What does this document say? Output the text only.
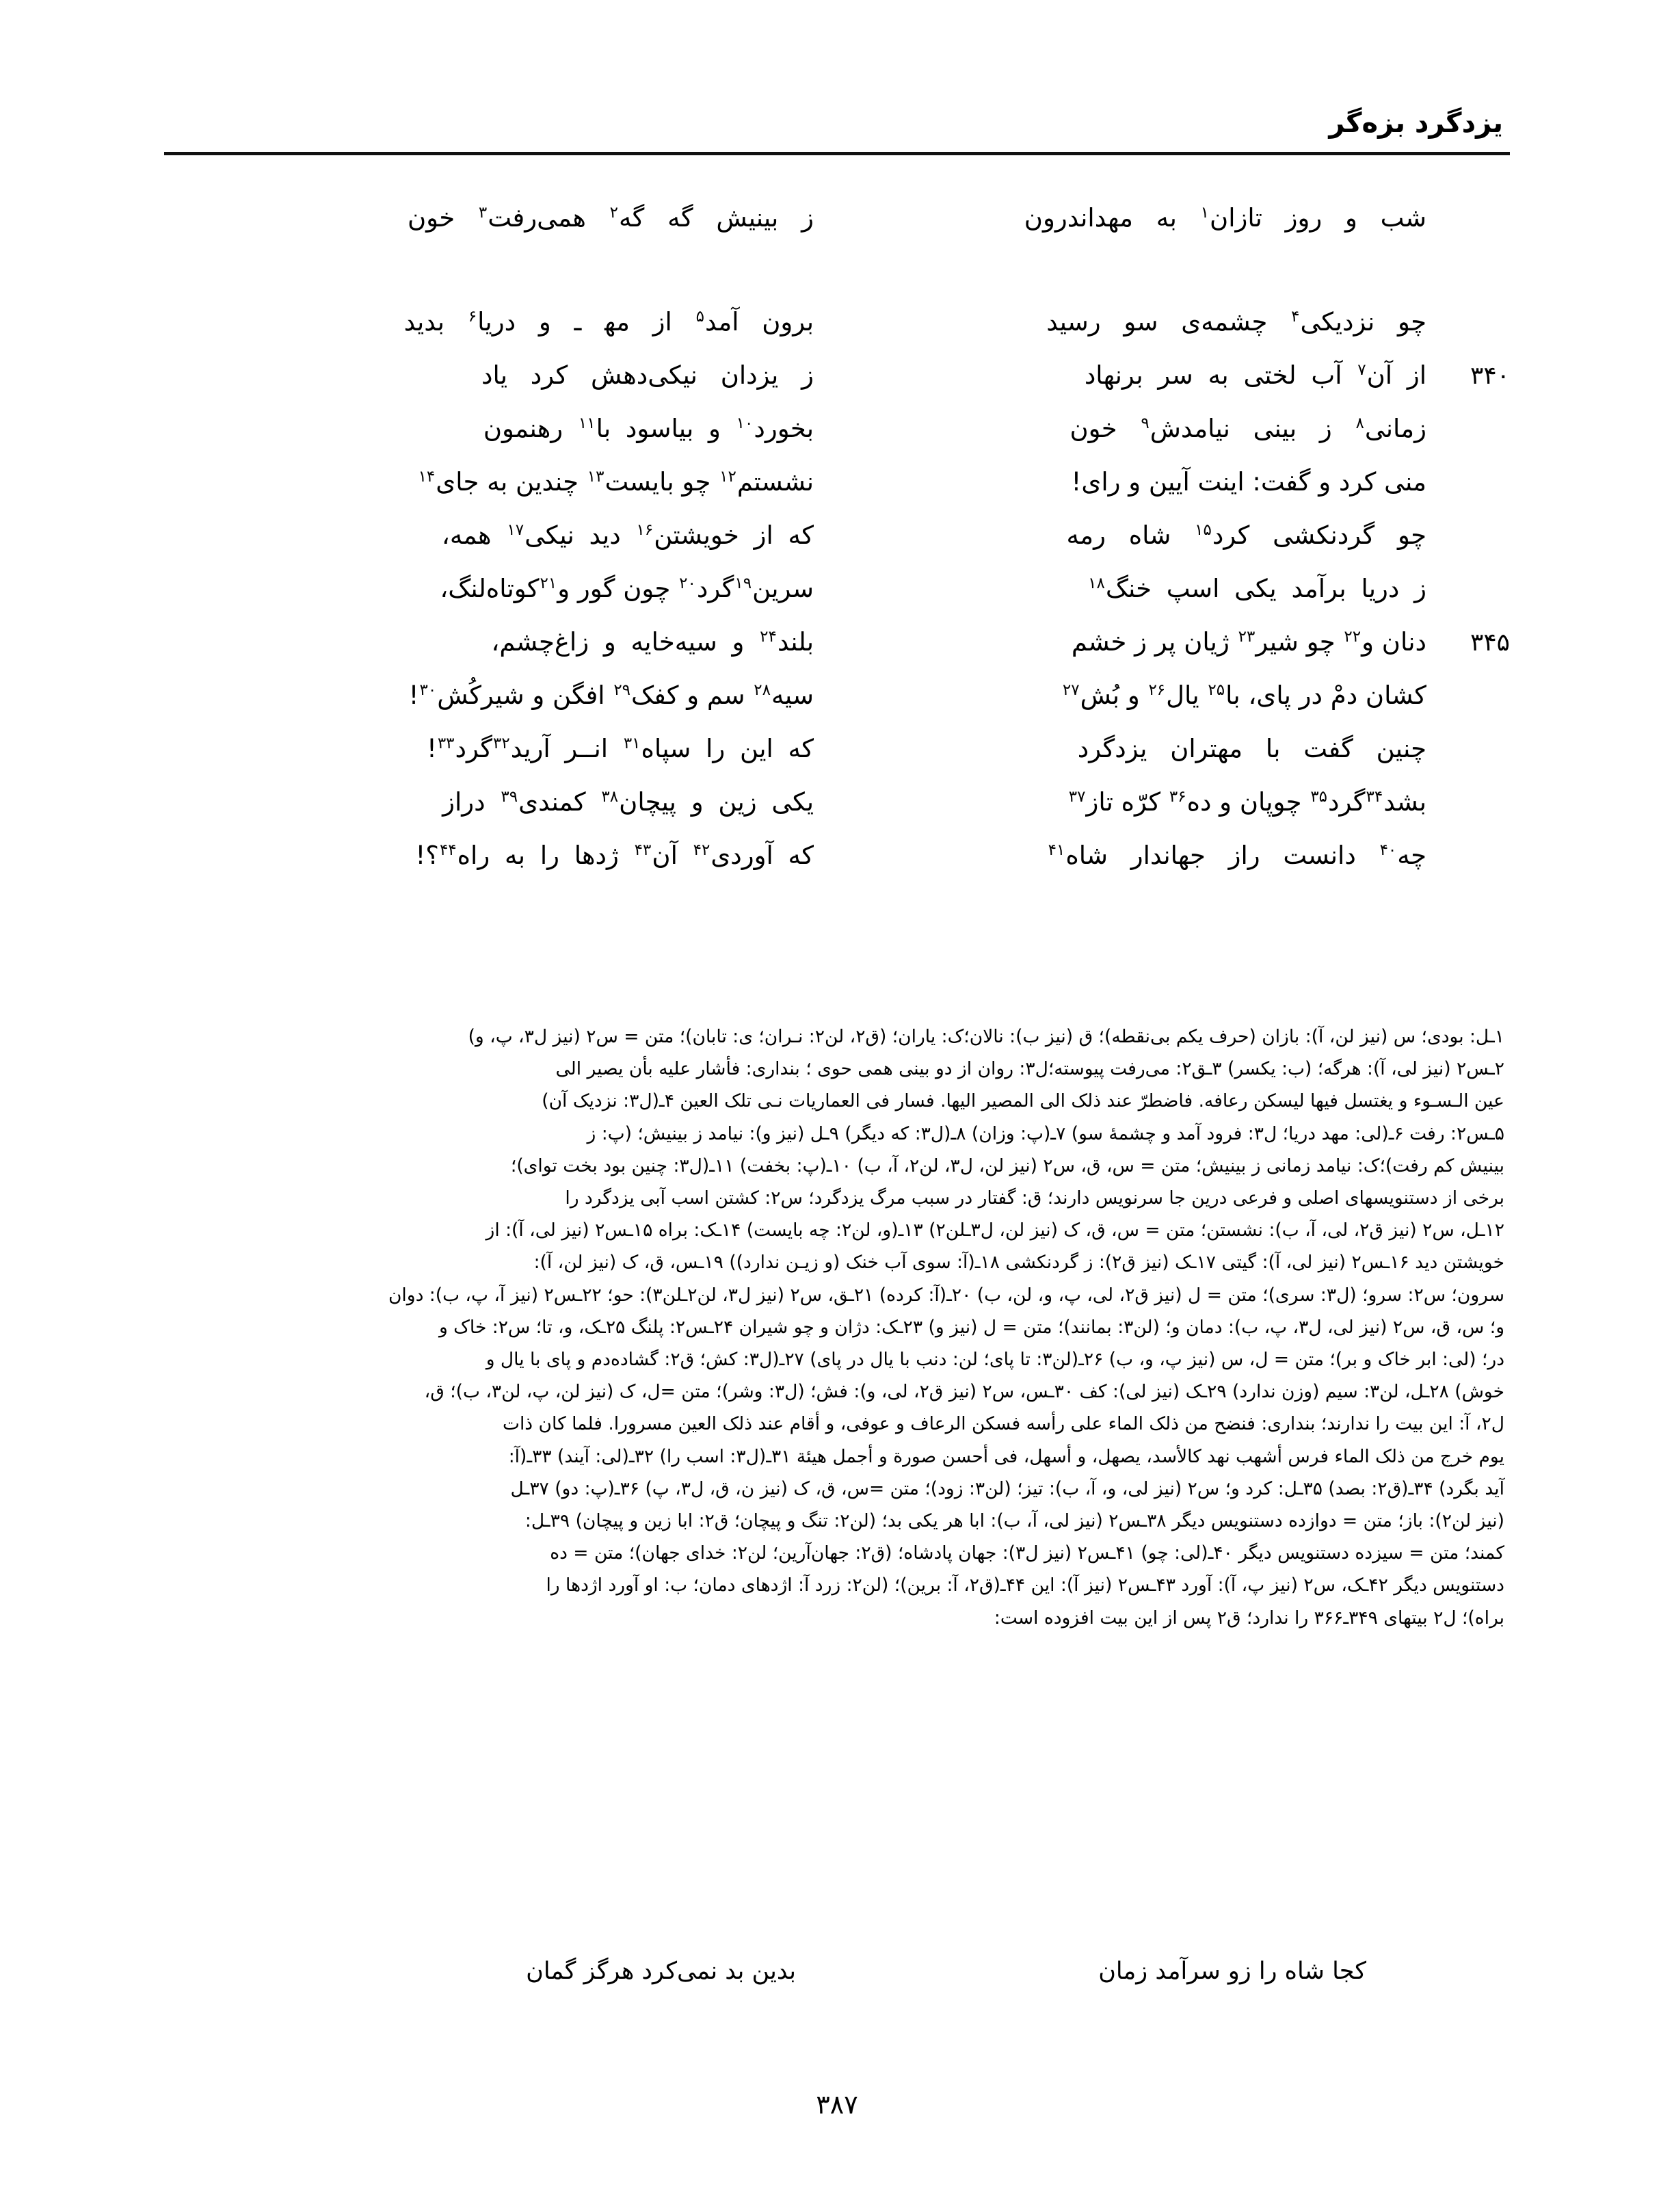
یزدگرد بزه‌گر
شب و روز تازان$^۱$ به مهداندرون
ز بینیش گه گه$^۲$ همی‌رفت$^۳$ خون
چو نزدیکی$^۴$ چشمه‌ی سو رسید
برون آمد$^۵$ از مه‍ ـ و دریا$^۶$ بدید
۳۴۰
از آن$^۷$ آب لختی به سر برنهاد
ز یزدان نیکی‌دهش کرد یاد
زمانی$^۸$ ز بینی نیامدش$^۹$ خون
بخورد$^{۱۰}$ و بیاسود با$^{۱۱}$ رهنمون
منی کرد و گفت: اینت آیین و رای!
نشستم$^{۱۲}$ چو بایست$^{۱۳}$ چندین به جای$^{۱۴}$
چو گردنکشی کرد$^{۱۵}$ شاه رمه
که از خویشتن$^{۱۶}$ دید نیکی$^{۱۷}$ همه،
ز دریا برآمد یکی اسپ خنگ$^{۱۸}$
سرین$^{۱۹}$گرد$^{۲۰}$ چون گور و$^{۲۱}$کوتاه‌لنگ،
۳۴۵
دنان و$^{۲۲}$ چو شیر$^{۲۳}$ ژیان پر ز خشم
بلند$^{۲۴}$ و سیه‌خایه و زاغ‌چشم،
کشان دمْ در پای، با$^{۲۵}$ یال$^{۲۶}$ و بُش$^{۲۷}$
سیه$^{۲۸}$ سم و کفک$^{۲۹}$ افگن و شیرکُش$^{۳۰}$!
چنین گفت با مهتران یزدگرد
که این را سپاه$^{۳۱}$ انـ‍ـر آرید$^{۳۲}$گرد$^{۳۳}$!
بشد$^{۳۴}$گرد$^{۳۵}$ چوپان و ده$^{۳۶}$ کرّه تاز$^{۳۷}$
یکی زین و پیچان$^{۳۸}$ کمندی$^{۳۹}$ دراز
چه$^{۴۰}$ دانست راز جهاندار شاه$^{۴۱}$
که آوردی$^{۴۲}$ آن$^{۴۳}$ ژدها را به راه$^{۴۴}$؟!

۱ـل: بودی؛ س (نیز لن، آ): بازان (حرف یکم بی‌نقطه)؛ ق (نیز ب): نالان؛ک: یاران؛ (ق۲، لن۲: نـ‍ران؛ ی: تابان)؛ متن = س۲ (نیز ل۳، پ، و)

۲ـس۲ (نیز لی، آ): هرگه؛ (ب: یکسر) ۳ـق۲: می‌رفت پیوسته؛ل۳: روان از دو بینی همی حوی ؛ بنداری: فأشار علیه بأن یصیر الی

عین الـسـوء و یغتسل فیها لیسکن رعافه. فاضطرّ عند ذلک الی المصیر الیها. فسار فی العماریات نـ‍ی تلک العین ۴ـ(ل۳: نزدیک آن)

۵ـس۲: رفت ۶ـ(لی: مهد دریا؛ ل۳: فرود آمد و چشمهٔ سو) ۷ـ(پ: وزان) ۸ـ(ل۳: که دیگر) ۹ـل (نیز و): نیامد ز بینیش؛ (پ: ز

بینیش کم رفت)؛ک: نیامد زمانی ز بینیش؛ متن = س، ق، س۲ (نیز لن، ل۳، لن۲، آ، ب) ۱۰ـ(پ: بخفت) ۱۱ـ(ل۳: چنین بود بخت توای)؛

برخی از دستنویسهای اصلی و فرعی درین جا سرنویس دارند؛ ق: گفتار در سبب مرگ یزدگرد؛ س۲: کشتن اسب آبی یزدگرد را

۱۲ـل، س۲ (نیز ق۲، لی، آ، ب): نشستن؛ متن = س، ق، ک (نیز لن، ل۳ـلن۲) ۱۳ـ(و، لن۲: چه بایست) ۱۴ـک: براه ۱۵ـس۲ (نیز لی، آ): از

خویشتن دید ۱۶ـس۲ (نیز لی، آ): گیتی ۱۷ـک (نیز ق۲): ز گردنکشی ۱۸ـ(آ: سوی آب خنک (و زیـن ندارد)) ۱۹ـس، ق، ک (نیز لن، آ):

سرون؛ س۲: سرو؛ (ل۳: سری)؛ متن = ل (نیز ق۲، لی، پ، و، لن، ب) ۲۰ـ(آ: کرده) ۲۱ـق، س۲ (نیز ل۳، لن۲ـلن۳): حو؛ ۲۲ـس۲ (نیز آ، پ، ب): دوان

و؛ س، ق، س۲ (نیز لی، ل۳، پ، ب): دمان و؛ (لن۳: بمانند)؛ متن = ل (نیز و) ۲۳ـک: دژان و چو شیران ۲۴ـس۲: پلنگ ۲۵ـک، و، تا؛ س۲: خاک و

در؛ (لی: ابر خاک و بر)؛ متن = ل، س (نیز پ، و، ب) ۲۶ـ(لن۳: تا پای؛ لن: دنب با یال در پای) ۲۷ـ(ل۳: کش؛ ق۲: گشاده‌دم و پای با یال و

خوش) ۲۸ـل، لن۳: سیم (وزن ندارد) ۲۹ـک (نیز لی): کف ۳۰ـس، س۲ (نیز ق۲، لی، و): فش؛ (ل۳: وشر)؛ متن =ل، ک (نیز لن، پ، لن۳، ب)؛ ق،

ل۲، آ: این بیت را ندارند؛ بنداری: فنضح من ذلک الماء علی رأسه فسکن الرعاف و عوفی، و أقام عند ذلک العین مسرورا. فلما کان ذات

یوم خرج من ذلک الماء فرس أشهب نهد کالأسد، یصهل، و أسهل، فی أحسن صورة و أجمل هیئة ۳۱ـ(ل۳: اسب را) ۳۲ـ(لی: آیند) ۳۳ـ(آ:

آید بگرد) ۳۴ـ(ق۲: بصد) ۳۵ـل: کرد و؛ س۲ (نیز لی، و، آ، ب): تیز؛ (لن۳: زود)؛ متن =س، ق، ک (نیز ن، ق، ل۳، پ) ۳۶ـ(پ: دو) ۳۷ـل

(نیز لن۲): باز؛ متن = دوازده دستنویس دیگر ۳۸ـس۲ (نیز لی، آ، ب): ابا هر یکی بد؛ (لن۲: تنگ و پیچان؛ ق۲: ابا زین و پیچان) ۳۹ـل:

کمند؛ متن = سیزده دستنویس دیگر ۴۰ـ(لی: چو) ۴۱ـس۲ (نیز ل۳): جهان پادشاه؛ (ق۲: جهان‌آرین؛ لن۲: خدای جهان)؛ متن = ده

دستنویس دیگر ۴۲ـک، س۲ (نیز پ، آ): آورد ۴۳ـس۲ (نیز آ): این ۴۴ـ(ق۲، آ: برین)؛ (لن۲: زرد آ: اژدهای دمان؛ ب: او آورد اژدها را

براه)؛ ل۲ بیتهای ۳۴۹ـ۳۶۶ را ندارد؛ ق۲ پس از این بیت افزوده است:

کجا شاه را زو سرآمد زمان
بدین بد نمی‌کرد هرگز گمان
۳۸۷
